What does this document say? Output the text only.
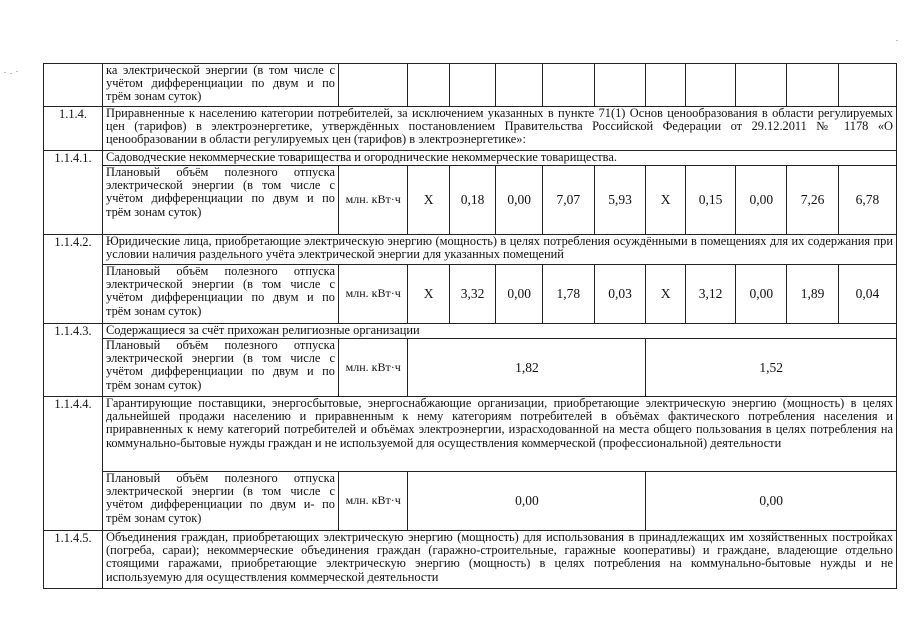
	ка электрической энергии (в том числе с учётом дифференциации по двум и по трём зонам суток)											
1.1.4.	Приравненные к населению категории потребителей, за исключением указанных в пункте 71(1) Основ ценообразования в области регулируемых цен (тарифов) в электроэнергетике, утверждённых постановлением Правительства Российской Федерации от 29.12.2011 № 1178 «О ценообразовании в области регулируемых цен (тарифов) в электроэнергетике»:											
1.1.4.1.	Садоводческие некоммерческие товарищества и огороднические некоммерческие товарищества.											
	Плановый объём полезного отпуска электрической энергии (в том числе с учётом дифференциации по двум и по трём зонам суток)	млн. кВт·ч	X	0,18	0,00	7,07	5,93	X	0,15	0,00	7,26	6,78
1.1.4.2.	Юридические лица, приобретающие электрическую энергию (мощность) в целях потребления осуждёнными в помещениях для их содержания при условии наличия раздельного учёта электрической энергии для указанных помещений											
	Плановый объём полезного отпуска электрической энергии (в том числе с учётом дифференциации по двум и по трём зонам суток)	млн. кВт·ч	X	3,32	0,00	1,78	0,03	X	3,12	0,00	1,89	0,04
1.1.4.3.	Содержащиеся за счёт прихожан религиозные организации											
	Плановый объём полезного отпуска электрической энергии (в том числе с учётом дифференциации по двум и по трём зонам суток)	млн. кВт·ч	1,82					1,52				
1.1.4.4.	Гарантирующие поставщики, энергосбытовые, энергоснабжающие организации, приобретающие электрическую энергию (мощность) в целях дальнейшей продажи населению и приравненным к нему категориям потребителей в объёмах фактического потребления населения и приравненных к нему категорий потребителей и объёмах электроэнергии, израсходованной на места общего пользования в целях потребления на коммунально-бытовые нужды граждан и не используемой для осуществления коммерческой (профессиональной) деятельности											
	Плановый объём полезного отпуска электрической энергии (в том числе с учётом дифференциации по двум и- по трём зонам суток)	млн. кВт·ч	0,00					0,00				
1.1.4.5.	Объединения граждан, приобретающих электрическую энергию (мощность) для использования в принадлежащих им хозяйственных постройках (погреба, сараи); некоммерческие объединения граждан (гаражно-строительные, гаражные кооперативы) и граждане, владеющие отдельно стоящими гаражами, приобретающие электрическую энергию (мощность) в целях потребления на коммунально-бытовые нужды и не используемую для осуществления коммерческой деятельности											
